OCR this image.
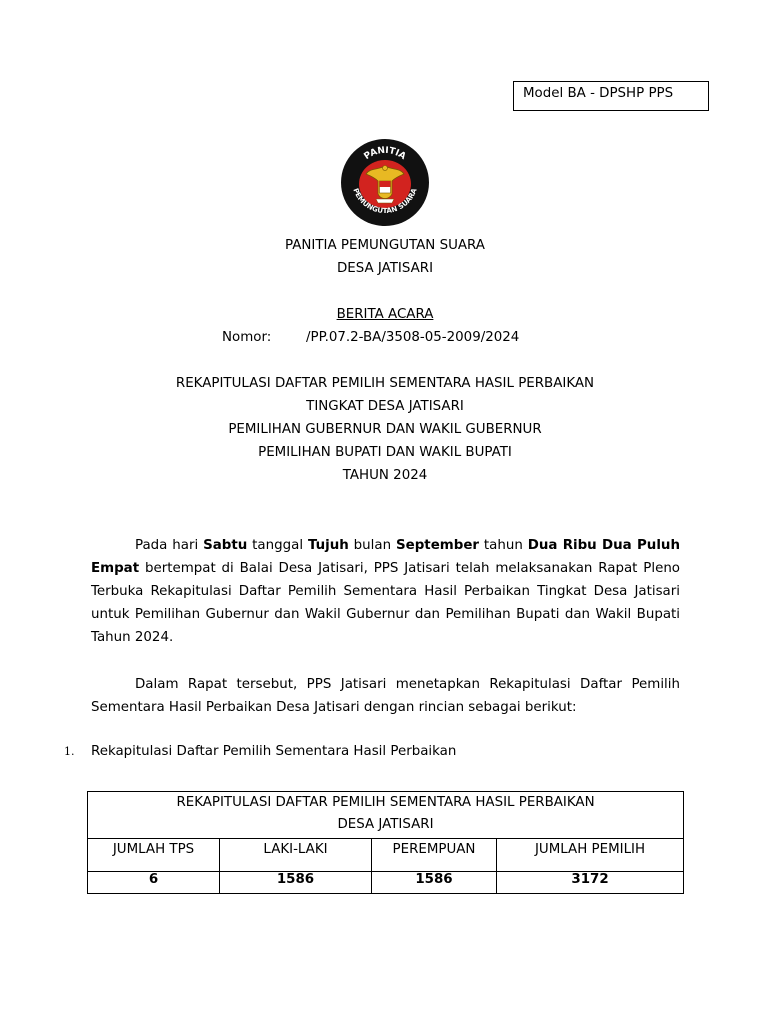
Model BA - DPSHP PPS
PANITIA
PEMUNGUTAN SUARA
PANITIA PEMUNGUTAN SUARA
DESA JATISARI
BERITA ACARA
Nomor:	/PP.07.2-BA/3508-05-2009/2024
REKAPITULASI DAFTAR PEMILIH SEMENTARA HASIL PERBAIKAN
TINGKAT DESA JATISARI
PEMILIHAN GUBERNUR DAN WAKIL GUBERNUR
PEMILIHAN BUPATI DAN WAKIL BUPATI
TAHUN 2024
Pada hari Sabtu tanggal Tujuh bulan September tahun Dua Ribu Dua Puluh Empat bertempat di Balai Desa Jatisari, PPS Jatisari telah melaksanakan Rapat Pleno Terbuka Rekapitulasi Daftar Pemilih Sementara Hasil Perbaikan Tingkat Desa Jatisari untuk Pemilihan Gubernur dan Wakil Gubernur dan Pemilihan Bupati dan Wakil Bupati Tahun 2024.
Dalam Rapat tersebut, PPS Jatisari menetapkan Rekapitulasi Daftar Pemilih Sementara Hasil Perbaikan Desa Jatisari dengan rincian sebagai berikut:
1. Rekapitulasi Daftar Pemilih Sementara Hasil Perbaikan
REKAPITULASI DAFTAR PEMILIH SEMENTARA HASIL PERBAIKAN
DESA JATISARI			

JUMLAH TPS	LAKI-LAKI	PEREMPUAN	JUMLAH PEMILIH
6	1586	1586	3172
